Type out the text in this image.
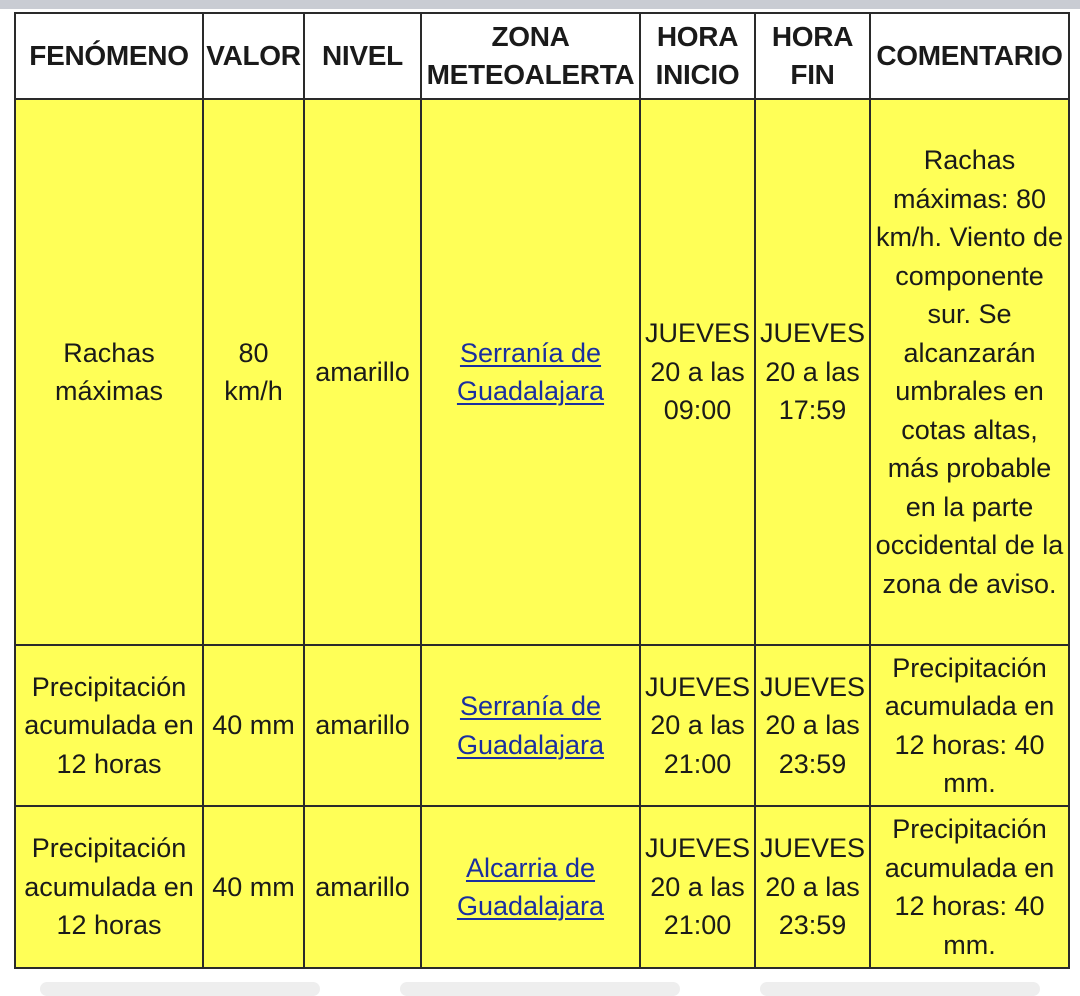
FENÓMENO	VALOR	NIVEL	ZONA METEOALERTA	HORA INICIO	HORA FIN	COMENTARIO
Rachas máximas	80 km/h	amarillo	Serranía de Guadalajara	JUEVES 20 a las 09:00	JUEVES 20 a las 17:59	Rachas máximas: 80 km/h. Viento de componente sur. Se alcanzarán umbrales en cotas altas, más probable en la parte occidental de la zona de aviso.
Precipitación acumulada en 12 horas	40 mm	amarillo	Serranía de Guadalajara	JUEVES 20 a las 21:00	JUEVES 20 a las 23:59	Precipitación acumulada en 12 horas: 40 mm.
Precipitación acumulada en 12 horas	40 mm	amarillo	Alcarria de Guadalajara	JUEVES 20 a las 21:00	JUEVES 20 a las 23:59	Precipitación acumulada en 12 horas: 40 mm.
